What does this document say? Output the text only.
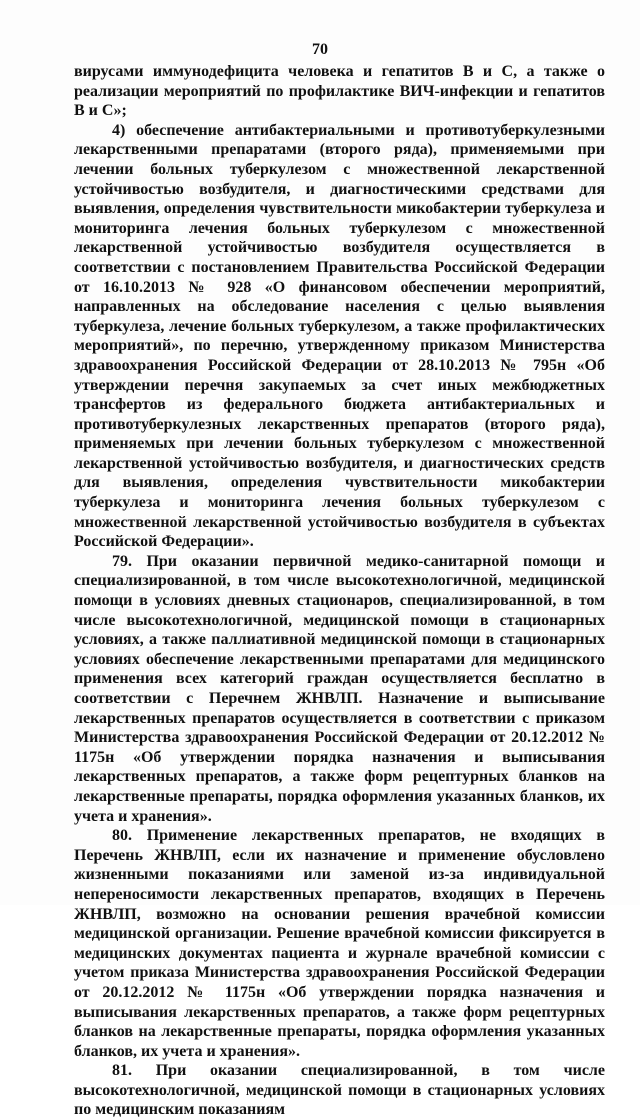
70

вирусами иммунодефицита человека и гепатитов В и С, а также о реализации мероприятий по профилактике ВИЧ-инфекции и гепатитов В и С»;

4) обеспечение антибактериальными и противотуберкулезными лекарственными препаратами (второго ряда), применяемыми при лечении больных туберкулезом с множественной лекарственной устойчивостью возбудителя, и диагностическими средствами для выявления, определения чувствительности микобактерии туберкулеза и мониторинга лечения больных туберкулезом с множественной лекарственной устойчивостью возбудителя осуществляется в соответствии с постановлением Правительства Российской Федерации от 16.10.2013 № 928 «О финансовом обеспечении мероприятий, направленных на обследование населения с целью выявления туберкулеза, лечение больных туберкулезом, а также профилактических мероприятий», по перечню, утвержденному приказом Министерства здравоохранения Российской Федерации от 28.10.2013 № 795н «Об утверждении перечня закупаемых за счет иных межбюджетных трансфертов из федерального бюджета антибактериальных и противотуберкулезных лекарственных препаратов (второго ряда), применяемых при лечении больных туберкулезом с множественной лекарственной устойчивостью возбудителя, и диагностических средств для выявления, определения чувствительности микобактерии туберкулеза и мониторинга лечения больных туберкулезом с множественной лекарственной устойчивостью возбудителя в субъектах Российской Федерации».

79. При оказании первичной медико-санитарной помощи и специализированной, в том числе высокотехнологичной, медицинской помощи в условиях дневных стационаров, специализированной, в том числе высокотехнологичной, медицинской помощи в стационарных условиях, а также паллиативной медицинской помощи в стационарных условиях обеспечение лекарственными препаратами для медицинского применения всех категорий граждан осуществляется бесплатно в соответствии с Перечнем ЖНВЛП. Назначение и выписывание лекарственных препаратов осуществляется в соответствии с приказом Министерства здравоохранения Российской Федерации от 20.12.2012 № 1175н «Об утверждении порядка назначения и выписывания лекарственных препаратов, а также форм рецептурных бланков на лекарственные препараты, порядка оформления указанных бланков, их учета и хранения».

80. Применение лекарственных препаратов, не входящих в Перечень ЖНВЛП, если их назначение и применение обусловлено жизненными показаниями или заменой из-за индивидуальной непереносимости лекарственных препаратов, входящих в Перечень ЖНВЛП, возможно на основании решения врачебной комиссии медицинской организации. Решение врачебной комиссии фиксируется в медицинских документах пациента и журнале врачебной комиссии с учетом приказа Министерства здравоохранения Российской Федерации от 20.12.2012 № 1175н «Об утверждении порядка назначения и выписывания лекарственных препаратов, а также форм рецептурных бланков на лекарственные препараты, порядка оформления указанных бланков, их учета и хранения».

81. При оказании специализированной, в том числе высокотехнологичной, медицинской помощи в стационарных условиях по медицинским показаниям
